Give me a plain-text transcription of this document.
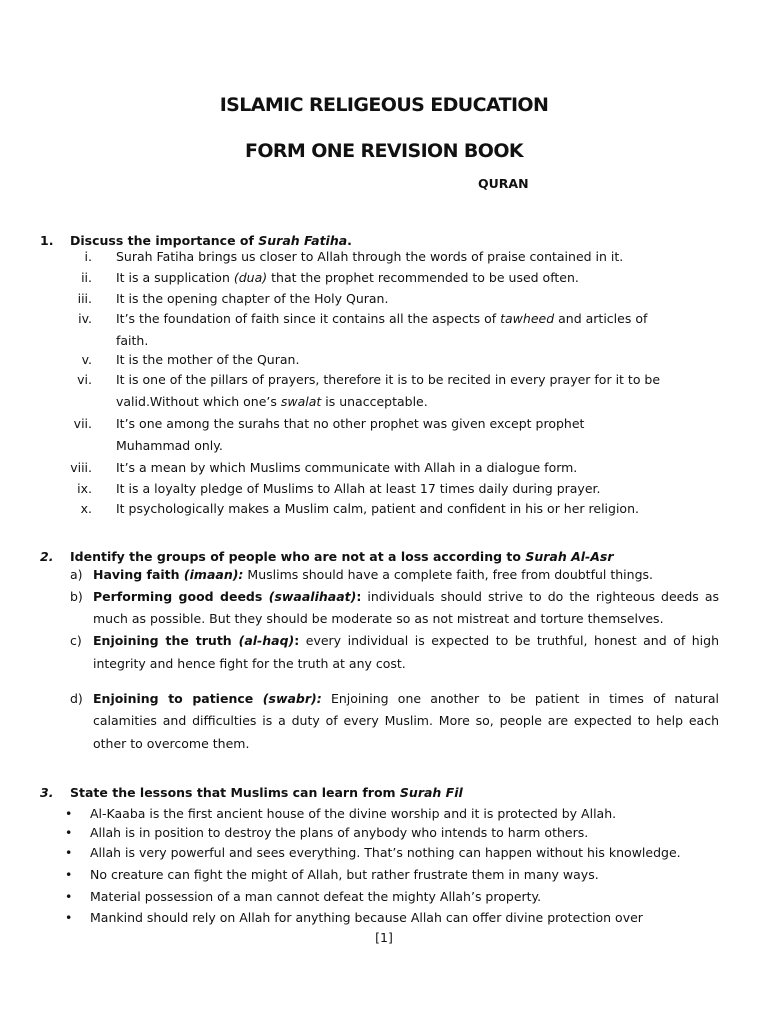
ISLAMIC RELIGEOUS EDUCATION
FORM ONE REVISION BOOK
QURAN
1. Discuss the importance of Surah Fatiha.
i. Surah Fatiha brings us closer to Allah through the words of praise contained in it.
ii. It is a supplication (dua) that the prophet recommended to be used often.
iii. It is the opening chapter of the Holy Quran.
iv. It’s the foundation of faith since it contains all the aspects of tawheed and articles of
faith.
v. It is the mother of the Quran.
vi. It is one of the pillars of prayers, therefore it is to be recited in every prayer for it to be
valid.Without which one’s swalat is unacceptable.
vii. It’s one among the surahs that no other prophet was given except prophet
Muhammad only.
viii. It’s a mean by which Muslims communicate with Allah in a dialogue form.
ix. It is a loyalty pledge of Muslims to Allah at least 17 times daily during prayer.
x. It psychologically makes a Muslim calm, patient and confident in his or her religion.
2. Identify the groups of people who are not at a loss according to Surah Al-Asr
a) Having faith (imaan): Muslims should have a complete faith, free from doubtful things.
b) Performing good deeds (swaalihaat): individuals should strive to do the righteous deeds as
much as possible. But they should be moderate so as not mistreat and torture themselves.
c) Enjoining the truth (al-haq): every individual is expected to be truthful, honest and of high
integrity and hence fight for the truth at any cost.
d) Enjoining to patience (swabr): Enjoining one another to be patient in times of natural
calamities and difficulties is a duty of every Muslim. More so, people are expected to help each
other to overcome them.
3. State the lessons that Muslims can learn from Surah Fil
• Al-Kaaba is the first ancient house of the divine worship and it is protected by Allah.
• Allah is in position to destroy the plans of anybody who intends to harm others.
• Allah is very powerful and sees everything. That’s nothing can happen without his knowledge.
• No creature can fight the might of Allah, but rather frustrate them in many ways.
• Material possession of a man cannot defeat the mighty Allah’s property.
• Mankind should rely on Allah for anything because Allah can offer divine protection over
[1]
